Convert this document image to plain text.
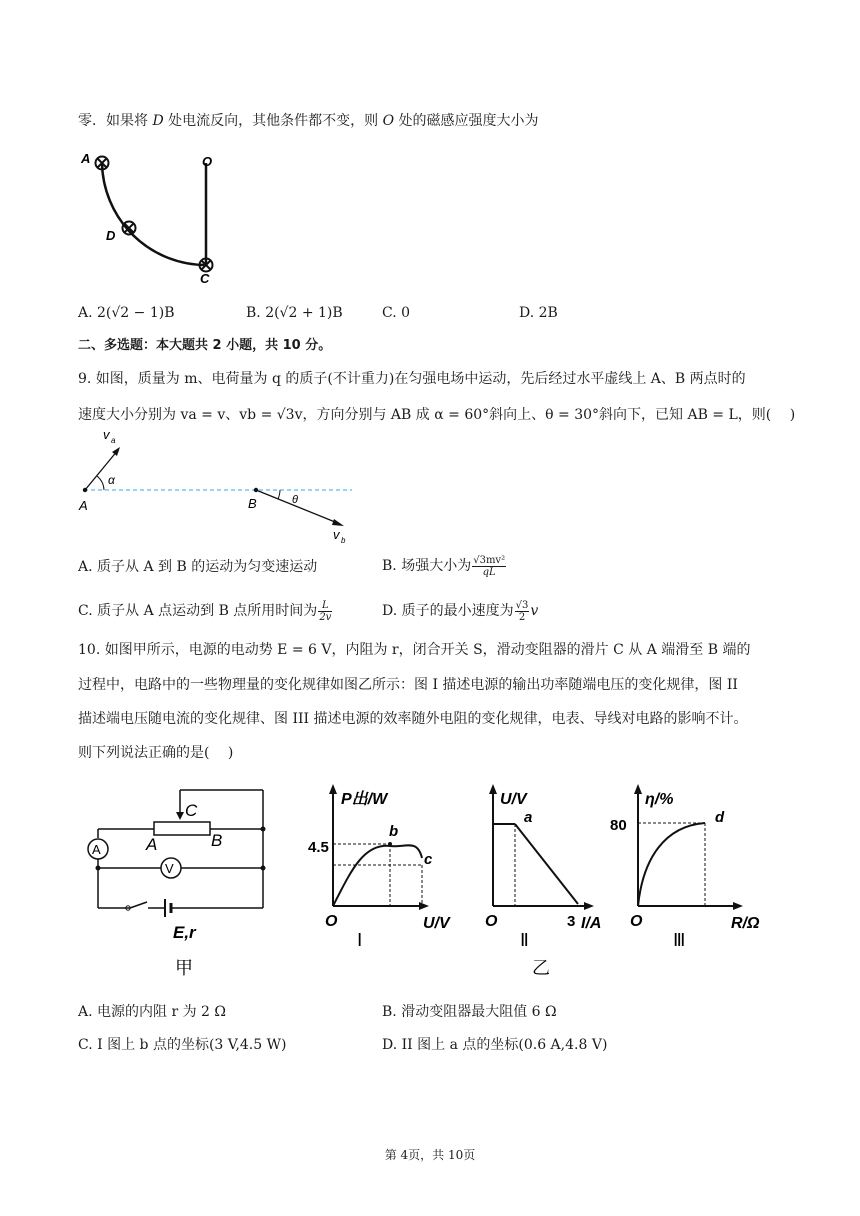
零．如果将 D 处电流反向，其他条件都不变，则 O 处的磁感应强度大小为
A	O
D
C
A. 2(√2 − 1)B	B. 2(√2 + 1)B	C. 0	D. 2B
二、多选题：本大题共 2 小题，共 10 分。
9. 如图，质量为 m、电荷量为 q 的质子(不计重力)在匀强电场中运动，先后经过水平虚线上 A、B 两点时的
速度大小分别为 va = v、vb = √3v，方向分别与 AB 成 α = 60°斜向上、θ = 30°斜向下，已知 AB = L，则(　 )
v a
α
A	B	θ
v b
A. 质子从 A 到 B 的运动为匀变速运动	B. 场强大小为 $\frac{\text{√3mv²}}{qL}$
C. 质子从 A 点运动到 B 点所用时间为 $\frac{L}{2v}$	D. 质子的最小速度为 $\frac{√3}{2}$ v
10. 如图甲所示，电源的电动势 E = 6 V，内阻为 r，闭合开关 S，滑动变阻器的滑片 C 从 A 端滑至 B 端的
过程中，电路中的一些物理量的变化规律如图乙所示：图 I 描述电源的输出功率随端电压的变化规律，图 II
描述端电压随电流的变化规律、图 III 描述电源的效率随外电阻的变化规律，电表、导线对电路的影响不计。
则下列说法正确的是(　 )
C
A	B
A
V
E,r
甲
P出/W
4.5
b
c
O	U/V
Ⅰ
U/V
a
O	3 I/A
Ⅱ
乙
η/%
80	d
O	R/Ω
Ⅲ
A. 电源的内阻 r 为 2 Ω	B. 滑动变阻器最大阻值 6 Ω
C. I 图上 b 点的坐标(3 V,4.5 W)	D. II 图上 a 点的坐标(0.6 A,4.8 V)
第 4页，共 10页
